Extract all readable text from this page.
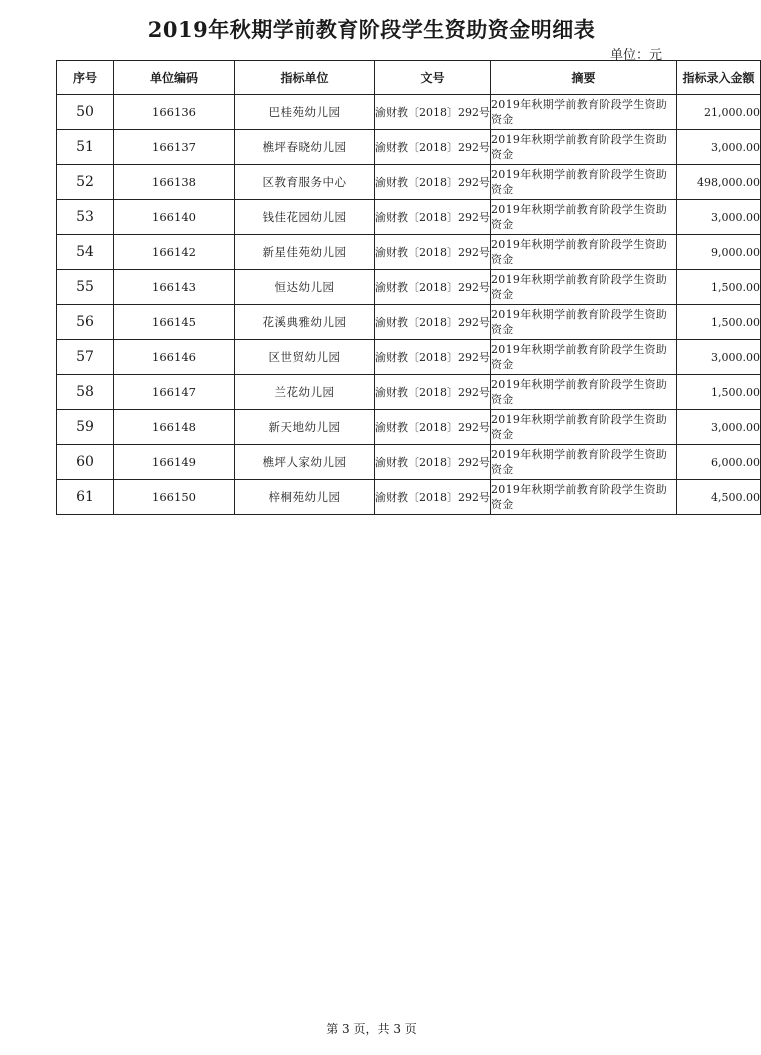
2019年秋期学前教育阶段学生资助资金明细表
单位：元
序号	单位编码	指标单位	文号	摘要	指标录入金额
50	166136	巴桂苑幼儿园	渝财教〔2018〕292号	2019年秋期学前教育阶段学生资助资金	21,000.00
51	166137	樵坪春晓幼儿园	渝财教〔2018〕292号	2019年秋期学前教育阶段学生资助资金	3,000.00
52	166138	区教育服务中心	渝财教〔2018〕292号	2019年秋期学前教育阶段学生资助资金	498,000.00
53	166140	钱佳花园幼儿园	渝财教〔2018〕292号	2019年秋期学前教育阶段学生资助资金	3,000.00
54	166142	新星佳苑幼儿园	渝财教〔2018〕292号	2019年秋期学前教育阶段学生资助资金	9,000.00
55	166143	恒达幼儿园	渝财教〔2018〕292号	2019年秋期学前教育阶段学生资助资金	1,500.00
56	166145	花溪典雅幼儿园	渝财教〔2018〕292号	2019年秋期学前教育阶段学生资助资金	1,500.00
57	166146	区世贸幼儿园	渝财教〔2018〕292号	2019年秋期学前教育阶段学生资助资金	3,000.00
58	166147	兰花幼儿园	渝财教〔2018〕292号	2019年秋期学前教育阶段学生资助资金	1,500.00
59	166148	新天地幼儿园	渝财教〔2018〕292号	2019年秋期学前教育阶段学生资助资金	3,000.00
60	166149	樵坪人家幼儿园	渝财教〔2018〕292号	2019年秋期学前教育阶段学生资助资金	6,000.00
61	166150	梓桐苑幼儿园	渝财教〔2018〕292号	2019年秋期学前教育阶段学生资助资金	4,500.00
第 3 页，共 3 页
